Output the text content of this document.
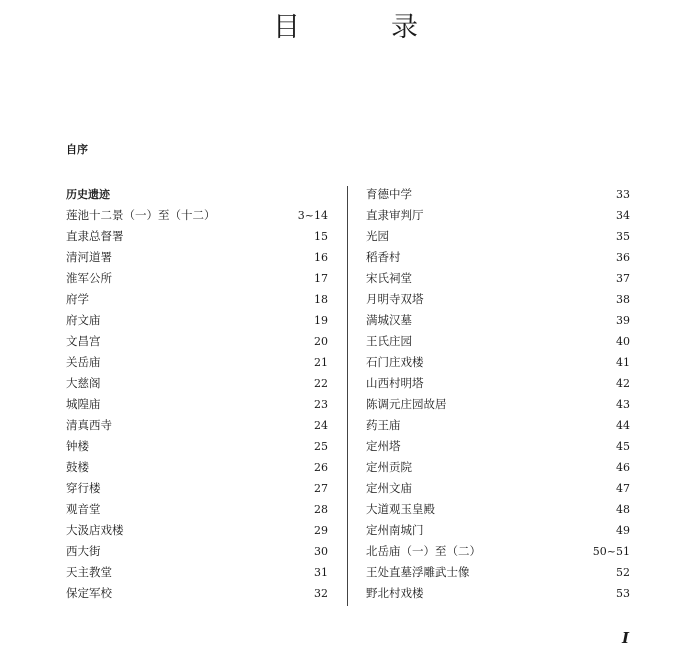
目　录
自序
历史遗迹
莲池十二景（一）至（十二）	3~14
直隶总督署	15
清河道署	16
淮军公所	17
府学	18
府文庙	19
文昌宫	20
关岳庙	21
大慈阁	22
城隍庙	23
清真西寺	24
钟楼	25
鼓楼	26
穿行楼	27
观音堂	28
大汲店戏楼	29
西大街	30
天主教堂	31
保定军校	32
育德中学	33
直隶审判厅	34
光园	35
稻香村	36
宋氏祠堂	37
月明寺双塔	38
满城汉墓	39
王氏庄园	40
石门庄戏楼	41
山西村明塔	42
陈调元庄园故居	43
药王庙	44
定州塔	45
定州贡院	46
定州文庙	47
大道观玉皇殿	48
定州南城门	49
北岳庙（一）至（二）	50~51
王处直墓浮雕武士像	52
野北村戏楼	53
I
